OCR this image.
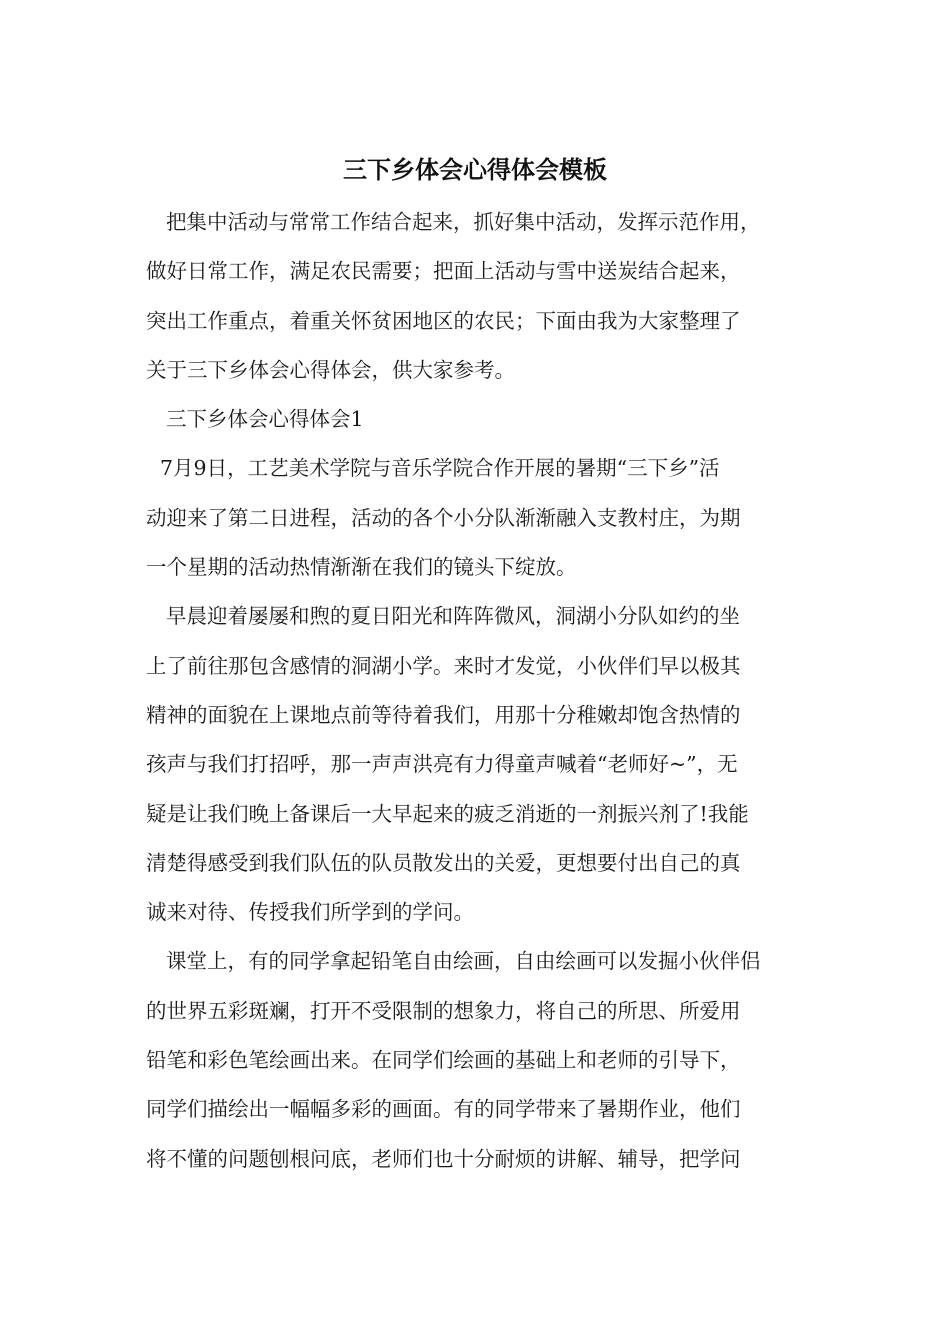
三下乡体会心得体会模板
把集中活动与常常工作结合起来，抓好集中活动，发挥示范作用，
做好日常工作，满足农民需要；把面上活动与雪中送炭结合起来，
突出工作重点，着重关怀贫困地区的农民；下面由我为大家整理了
关于三下乡体会心得体会，供大家参考。
三下乡体会心得体会1
7月9日，工艺美术学院与音乐学院合作开展的暑期“三下乡”活
动迎来了第二日进程，活动的各个小分队渐渐融入支教村庄，为期
一个星期的活动热情渐渐在我们的镜头下绽放。
早晨迎着屡屡和煦的夏日阳光和阵阵微风，洞湖小分队如约的坐
上了前往那包含感情的洞湖小学。来时才发觉，小伙伴们早以极其
精神的面貌在上课地点前等待着我们，用那十分稚嫩却饱含热情的
孩声与我们打招呼，那一声声洪亮有力得童声喊着“老师好~”，无
疑是让我们晚上备课后一大早起来的疲乏消逝的一剂振兴剂了!我能
清楚得感受到我们队伍的队员散发出的关爱，更想要付出自己的真
诚来对待、传授我们所学到的学问。
课堂上，有的同学拿起铅笔自由绘画，自由绘画可以发掘小伙伴侣
的世界五彩斑斓，打开不受限制的想象力，将自己的所思、所爱用
铅笔和彩色笔绘画出来。在同学们绘画的基础上和老师的引导下，
同学们描绘出一幅幅多彩的画面。有的同学带来了暑期作业，他们
将不懂的问题刨根问底，老师们也十分耐烦的讲解、辅导，把学问
